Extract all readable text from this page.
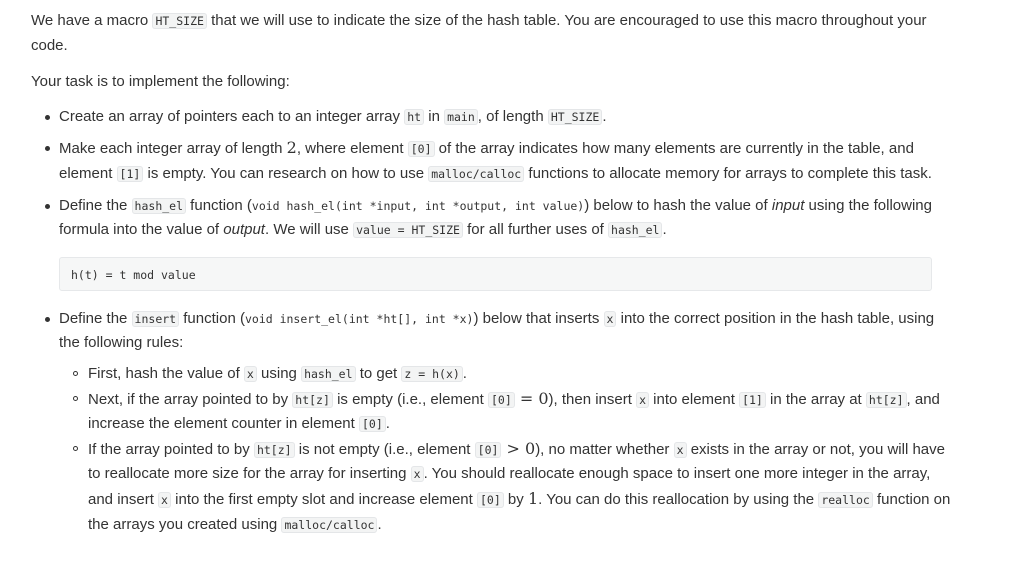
We have a macro HT_SIZE that we will use to indicate the size of the hash table. You are encouraged to use this macro throughout your code.

Your task is to implement the following:

Create an array of pointers each to an integer array ht in main , of length HT_SIZE .
Make each integer array of length 2, where element [0] of the array indicates how many elements are currently in the table, and element [1] is empty. You can research on how to use malloc/calloc functions to allocate memory for arrays to complete this task.
Define the hash_el function (void hash_el(int *input, int *output, int value)) below to hash the value of input using the following formula into the value of output. We will use value = HT_SIZE for all further uses of hash_el .
h(t) = t mod value
Define the insert function (void insert_el(int *ht[], int *x)) below that inserts x into the correct position in the hash table, using the following rules:
First, hash the value of x using hash_el to get z = h(x) .
Next, if the array pointed to by ht[z] is empty (i.e., element [0] = 0), then insert x into element [1] in the array at ht[z] , and increase the element counter in element [0] .
If the array pointed to by ht[z] is not empty (i.e., element [0] > 0), no matter whether x exists in the array or not, you will have to reallocate more size for the array for inserting x . You should reallocate enough space to insert one more integer in the array, and insert x into the first empty slot and increase element [0] by 1. You can do this reallocation by using the realloc function on the arrays you created using malloc/calloc .
